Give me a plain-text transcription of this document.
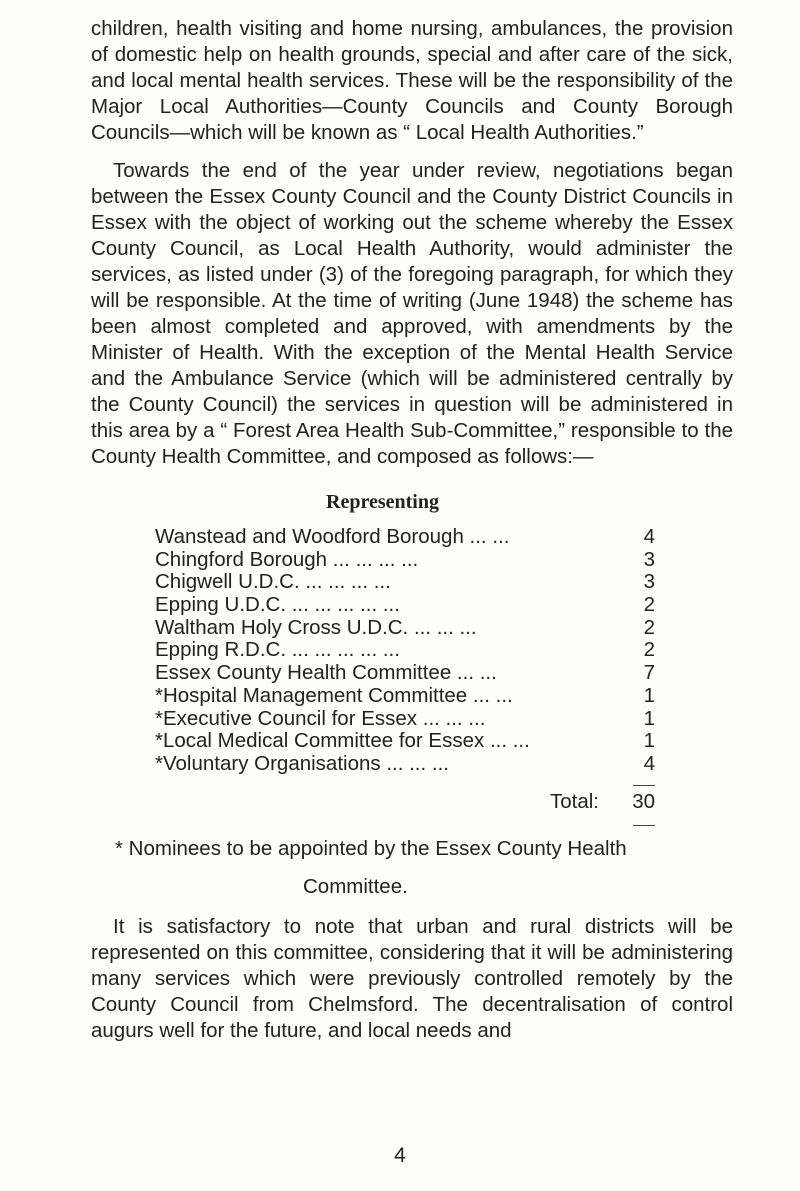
children, health visiting and home nursing, ambulances, the provision of domestic help on health grounds, special and after care of the sick, and local mental health services. These will be the responsibility of the Major Local Authorities—County Councils and County Borough Councils—which will be known as “ Local Health Authorities.”

Towards the end of the year under review, negotiations began between the Essex County Council and the County District Councils in Essex with the object of working out the scheme whereby the Essex County Council, as Local Health Authority, would administer the services, as listed under (3) of the foregoing paragraph, for which they will be responsible. At the time of writing (June 1948) the scheme has been almost completed and approved, with amendments by the Minister of Health. With the exception of the Mental Health Service and the Ambulance Service (which will be administered centrally by the County Council) the services in question will be administered in this area by a “ Forest Area Health Sub-Committee,” responsible to the County Health Committee, and composed as follows:—

Representing
Wanstead and Woodford Borough ... ...	4
Chingford Borough ... ... ... ...	3
Chigwell U.D.C. ... ... ... ...	3
Epping U.D.C. ... ... ... ... ...	2
Waltham Holy Cross U.D.C. ... ... ...	2
Epping R.D.C. ... ... ... ... ...	2
Essex County Health Committee ... ...	7
*Hospital Management Committee ... ...	1
*Executive Council for Essex ... ... ...	1
*Local Medical Committee for Essex ... ...	1
*Voluntary Organisations ... ... ...	4
Total: 30
* Nominees to be appointed by the Essex County Health
Committee.

It is satisfactory to note that urban and rural districts will be represented on this committee, considering that it will be administering many services which were previously controlled remotely by the County Council from Chelmsford. The decentralisation of control augurs well for the future, and local needs and

4
